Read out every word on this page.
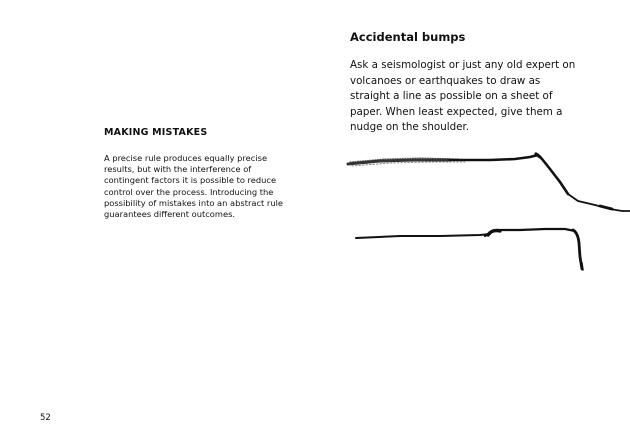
MAKING MISTAKES

A precise rule produces equally precise results, but with the interference of contingent factors it is possible to reduce control over the process. Introducing the possibility of mistakes into an abstract rule guarantees different outcomes.

Accidental bumps

Ask a seismologist or just any old expert on volcanoes or earthquakes to draw as straight a line as possible on a sheet of paper. When least expected, give them a nudge on the shoulder.

52
